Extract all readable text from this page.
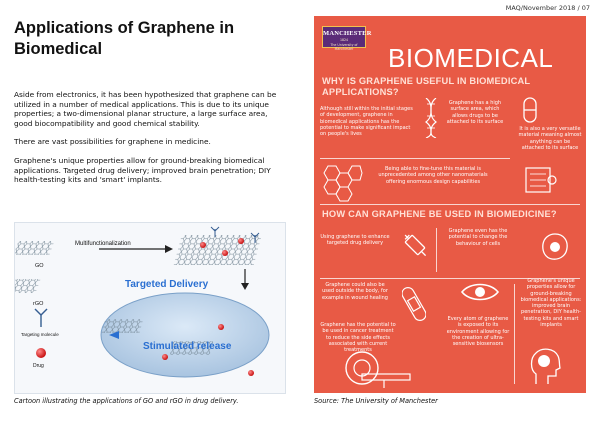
MAQ/November 2018 / 07
Applications of Graphene in
Biomedical

Aside from electronics, it has been hypothesized that graphene can be utilized in a number of medical applications. This is due to its unique properties; a two-dimensional planar structure, a large surface area, good biocompatibility and good chemical stability.

There are vast possibilities for graphene in medicine.

Graphene's unique properties allow for ground-breaking biomedical applications. Targeted drug delivery; improved brain penetration; DIY health-testing kits and 'smart' implants.

Multifunctionalization
GO
rGO
Targeting molecule
Drug
Targeted Delivery
Stimulated release
Cartoon illustrating the applications of GO and rGO in drug delivery.
MANCHESTER
1824
The University of Manchester	BIOMEDICAL
WHY IS GRAPHENE USEFUL IN BIOMEDICAL
APPLICATIONS?
Although still within the initial stages of development, graphene in biomedical applications has the potential to make significant impact on people's lives
Graphene has a high surface area, which allows drugs to be attached to its surface
It is also a very versatile material meaning almost anything can be attached to its surface
Being able to fine-tune this material is unprecedented among other nanomaterials offering enormous design capabilities
HOW CAN GRAPHENE BE USED IN BIOMEDICINE?
Using graphene to enhance targeted drug delivery
Graphene even has the potential to change the behaviour of cells
Graphene could also be used outside the body, for example in wound healing
Graphene's unique properties allow for ground-breaking biomedical applications: improved brain penetration, DIY health-testing kits and smart implants
Graphene has the potential to be used in cancer treatment to reduce the side effects associated with current treatments
Every atom of graphene is exposed to its environment allowing for the creation of ultra-sensitive biosensors
Source: The University of Manchester
